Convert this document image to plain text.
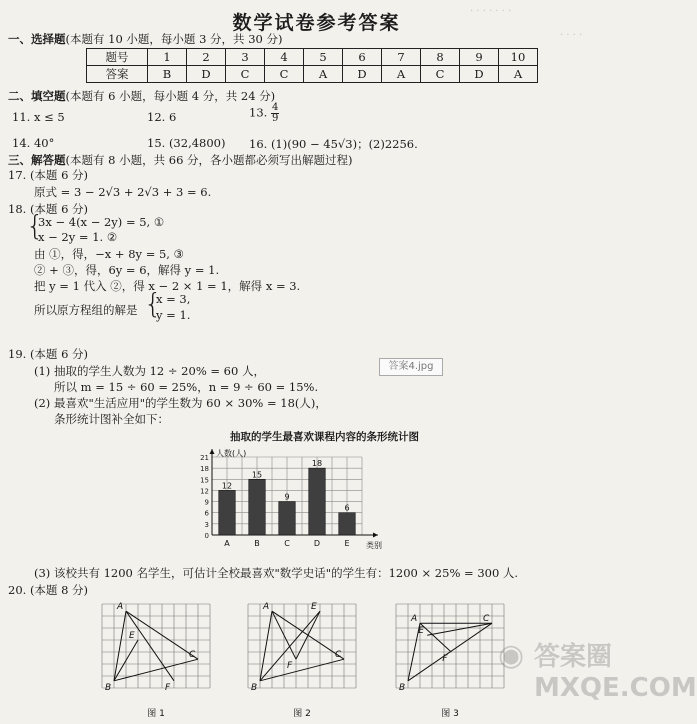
· · · · · · ·
· · · ·
数学试卷参考答案
一、选择题(本题有 10 小题，每小题 3 分，共 30 分)
题号	1	2	3	4	5	6	7	8	9	10
答案	B	D	C	C	A	D	A	C	D	A
二、填空题(本题有 6 小题，每小题 4 分，共 24 分)
11. x ≤ 5	12. 6	13. $\frac{4}{9}$
14. 40°	15. (32,4800) 16. (1)(90 − 45√3)；(2)2256.
三、解答题(本题有 8 小题，共 66 分，各小题都必须写出解题过程)
17. (本题 6 分)
原式 = 3 − 2√3 + 2√3 + 3 = 6.
18. (本题 6 分)
{
3x − 4(x − 2y) = 5, ①
x − 2y = 1. ②
由 ①，得，−x + 8y = 5, ③
② + ③，得，6y = 6，解得 y = 1.
把 y = 1 代入 ②，得 x − 2 × 1 = 1，解得 x = 3.
所以原方程组的解是 {
x = 3,
y = 1.
19. (本题 6 分)
(1) 抽取的学生人数为 12 ÷ 20% = 60 人，
所以 m = 15 ÷ 60 = 25%，n = 9 ÷ 60 = 15%.
(2) 最喜欢"生活应用"的学生数为 60 × 30% = 18(人)，
条形统计图补全如下：
答案4.jpg
抽取的学生最喜欢课程内容的条形统计图
0
3
6
9
12
15
18
21 人数(人)
类别
12
A
15
B
9
C
18
D
6
E
(3) 该校共有 1200 名学生，可估计全校最喜欢"数学史话"的学生有：1200 × 25% = 300 人.
20. (本题 8 分)
A
E
C
B	F
图 1
A	E
F
C
B
图 2
A
E
F
C
B
图 3
◉ 答案圈 MXQE.COM
